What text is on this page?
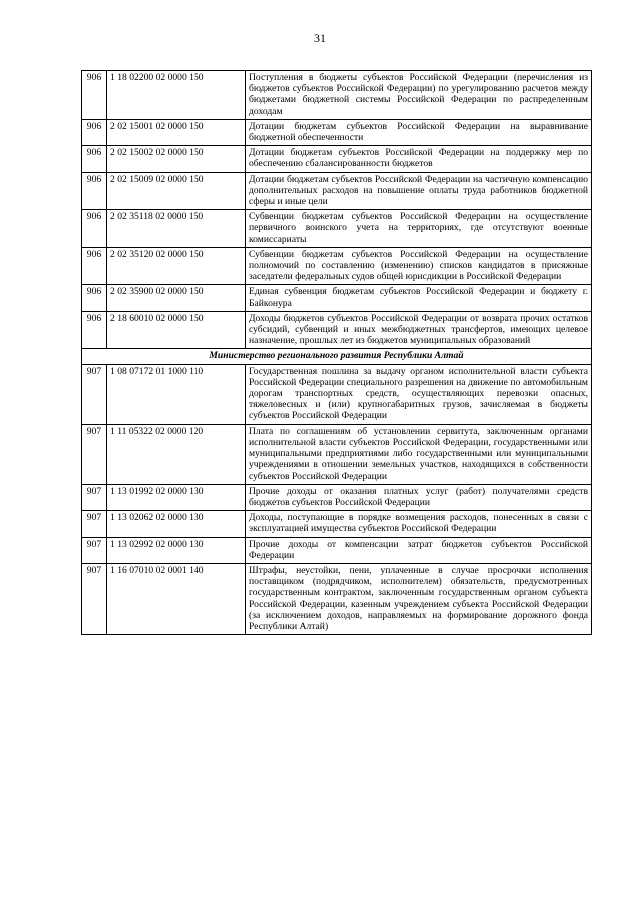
31
906	1 18 02200 02 0000 150	Поступления в бюджеты субъектов Российской Федерации (перечисления из бюджетов субъектов Российской Федерации) по урегулированию расчетов между бюджетами бюджетной системы Российской Федерации по распределенным доходам
906	2 02 15001 02 0000 150	Дотации бюджетам субъектов Российской Федерации на выравнивание бюджетной обеспеченности
906	2 02 15002 02 0000 150	Дотации бюджетам субъектов Российской Федерации на поддержку мер по обеспечению сбалансированности бюджетов
906	2 02 15009 02 0000 150	Дотации бюджетам субъектов Российской Федерации на частичную компенсацию дополнительных расходов на повышение оплаты труда работников бюджетной сферы и иные цели
906	2 02 35118 02 0000 150	Субвенции бюджетам субъектов Российской Федерации на осуществление первичного воинского учета на территориях, где отсутствуют военные комиссариаты
906	2 02 35120 02 0000 150	Субвенции бюджетам субъектов Российской Федерации на осуществление полномочий по составлению (изменению) списков кандидатов в присяжные заседатели федеральных судов общей юрисдикции в Российской Федерации
906	2 02 35900 02 0000 150	Единая субвенция бюджетам субъектов Российской Федерации и бюджету г. Байконура
906	2 18 60010 02 0000 150	Доходы бюджетов субъектов Российской Федерации от возврата прочих остатков субсидий, субвенций и иных межбюджетных трансфертов, имеющих целевое назначение, прошлых лет из бюджетов муниципальных образований
Министерство регионального развития Республики Алтай		
907	1 08 07172 01 1000 110	Государственная пошлина за выдачу органом исполнительной власти субъекта Российской Федерации специального разрешения на движение по автомобильным дорогам транспортных средств, осуществляющих перевозки опасных, тяжеловесных и (или) крупногабаритных грузов, зачисляемая в бюджеты субъектов Российской Федерации
907	1 11 05322 02 0000 120	Плата по соглашениям об установлении сервитута, заключенным органами исполнительной власти субъектов Российской Федерации, государственными или муниципальными предприятиями либо государственными или муниципальными учреждениями в отношении земельных участков, находящихся в собственности субъектов Российской Федерации
907	1 13 01992 02 0000 130	Прочие доходы от оказания платных услуг (работ) получателями средств бюджетов субъектов Российской Федерации
907	1 13 02062 02 0000 130	Доходы, поступающие в порядке возмещения расходов, понесенных в связи с эксплуатацией имущества субъектов Российской Федерации
907	1 13 02992 02 0000 130	Прочие доходы от компенсации затрат бюджетов субъектов Российской Федерации
907	1 16 07010 02 0001 140	Штрафы, неустойки, пени, уплаченные в случае просрочки исполнения поставщиком (подрядчиком, исполнителем) обязательств, предусмотренных государственным контрактом, заключенным государственным органом субъекта Российской Федерации, казенным учреждением субъекта Российской Федерации (за исключением доходов, направляемых на формирование дорожного фонда Республики Алтай)
